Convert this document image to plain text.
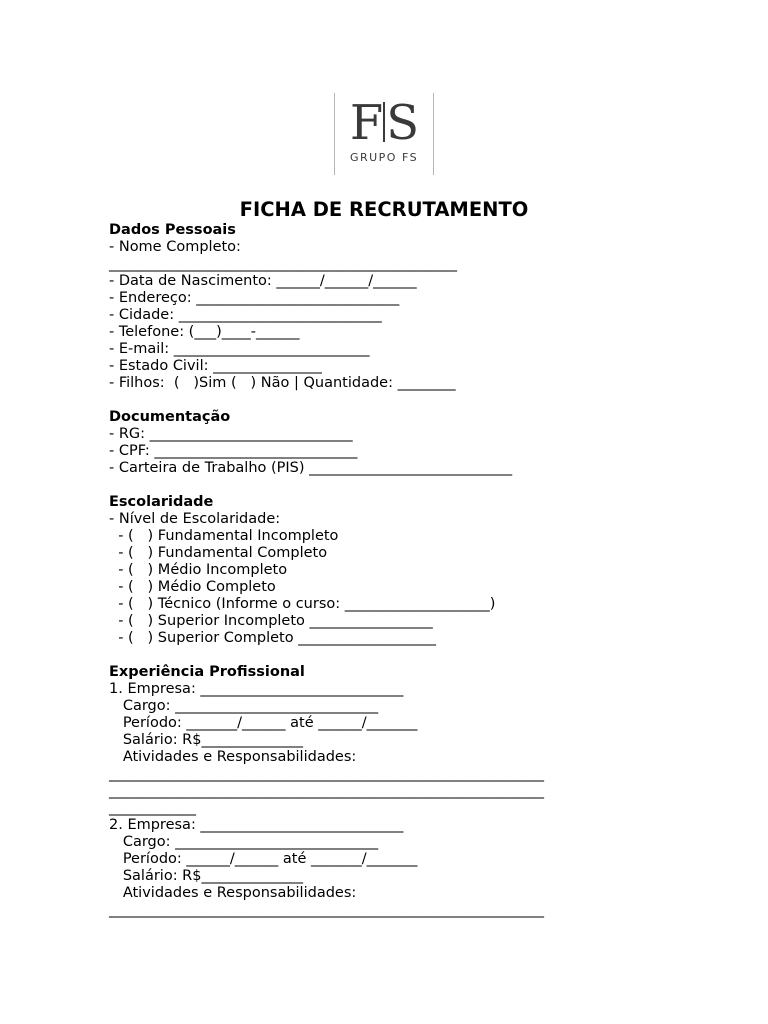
FS
GRUPO FS
FICHA DE RECRUTAMENTO
Dados Pessoais
- Nome Completo:
________________________________________________
- Data de Nascimento: ______/______/______
- Endereço: ____________________________
- Cidade: ____________________________
- Telefone: (___)____-______
- E-mail: ___________________________
- Estado Civil: _______________
- Filhos:  (   )Sim (   ) Não | Quantidade: ________
Documentação
- RG: ____________________________
- CPF: ____________________________
- Carteira de Trabalho (PIS) ____________________________
Escolaridade
- Nível de Escolaridade:
- (   ) Fundamental Incompleto
- (   ) Fundamental Completo
- (   ) Médio Incompleto
- (   ) Médio Completo
- (   ) Técnico (Informe o curso: ____________________)
- (   ) Superior Incompleto _________________
- (   ) Superior Completo ___________________
Experiência Profissional
1. Empresa: ____________________________
Cargo: ____________________________
Período: _______/______ até ______/_______
Salário: R$______________
Atividades e Responsabilidades:
____________________________________________________________
____________________________________________________________
____________
2. Empresa: ____________________________
Cargo: ____________________________
Período: ______/______ até _______/_______
Salário: R$______________
Atividades e Responsabilidades:
____________________________________________________________
